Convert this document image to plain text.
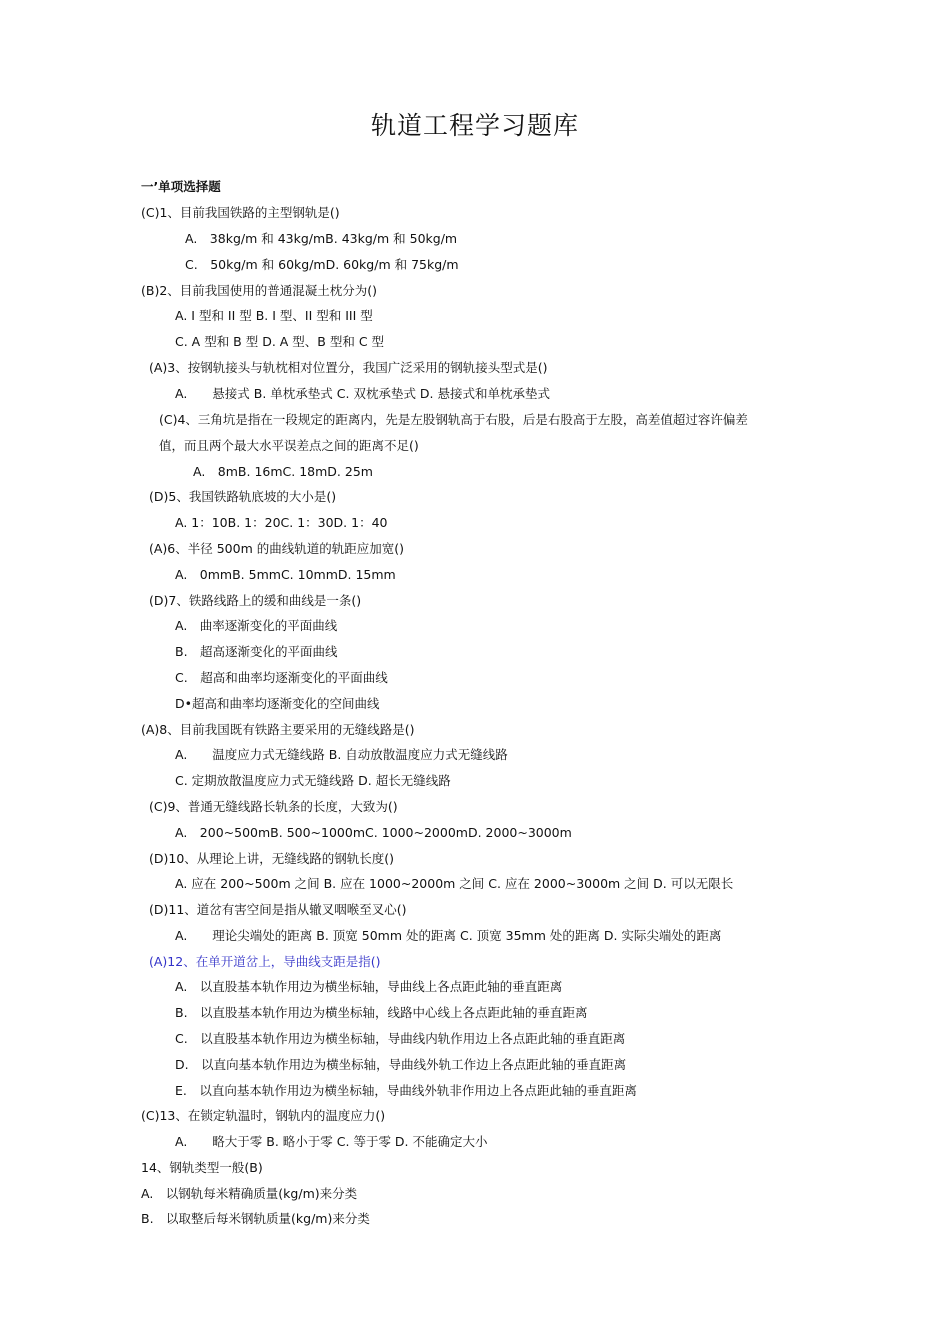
轨道工程学习题库
一’单项选择题
(C)1、目前我国铁路的主型钢轨是()
A.　38kg/m 和 43kg/mB. 43kg/m 和 50kg/m
C.　50kg/m 和 60kg/mD. 60kg/m 和 75kg/m
(B)2、目前我国使用的普通混凝土枕分为()
A. I 型和 II 型 B. I 型、II 型和 III 型
C. A 型和 B 型 D. A 型、B 型和 C 型
(A)3、按钢轨接头与轨枕相对位置分，我国广泛采用的钢轨接头型式是()
A.　　悬接式 B. 单枕承垫式 C. 双枕承垫式 D. 悬接式和单枕承垫式
(C)4、三角坑是指在一段规定的距离内，先是左股钢轨高于右股，后是右股高于左股，高差值超过容许偏差
值，而且两个最大水平误差点之间的距离不足()
A.　8mB. 16mC. 18mD. 25m
(D)5、我国铁路轨底坡的大小是()
A. 1：10B. 1：20C. 1：30D. 1：40
(A)6、半径 500m 的曲线轨道的轨距应加宽()
A.　0mmB. 5mmC. 10mmD. 15mm
(D)7、铁路线路上的缓和曲线是一条()
A.　曲率逐渐变化的平面曲线
B.　超高逐渐变化的平面曲线
C.　超高和曲率均逐渐变化的平面曲线
D•超高和曲率均逐渐变化的空间曲线
(A)8、目前我国既有铁路主要采用的无缝线路是()
A.　　温度应力式无缝线路 B. 自动放散温度应力式无缝线路
C. 定期放散温度应力式无缝线路 D. 超长无缝线路
(C)9、普通无缝线路长轨条的长度，大致为()
A.　200~500mB. 500~1000mC. 1000~2000mD. 2000~3000m
(D)10、从理论上讲，无缝线路的钢轨长度()
A. 应在 200~500m 之间 B. 应在 1000~2000m 之间 C. 应在 2000~3000m 之间 D. 可以无限长
(D)11、道岔有害空间是指从辙叉咽喉至叉心()
A.　　理论尖端处的距离 B. 顶宽 50mm 处的距离 C. 顶宽 35mm 处的距离 D. 实际尖端处的距离
(A)12、在单开道岔上，导曲线支距是指()
A.　以直股基本轨作用边为横坐标轴，导曲线上各点距此轴的垂直距离
B.　以直股基本轨作用边为横坐标轴，线路中心线上各点距此轴的垂直距离
C.　以直股基本轨作用边为横坐标轴，导曲线内轨作用边上各点距此轴的垂直距离
D.　以直向基本轨作用边为横坐标轴，导曲线外轨工作边上各点距此轴的垂直距离
E.　以直向基本轨作用边为横坐标轴，导曲线外轨非作用边上各点距此轴的垂直距离
(C)13、在锁定轨温时，钢轨内的温度应力()
A.　　略大于零 B. 略小于零 C. 等于零 D. 不能确定大小
14、钢轨类型一般(B)
A.　以钢轨每米精确质量(kg/m)来分类
B.　以取整后每米钢轨质量(kg/m)来分类
